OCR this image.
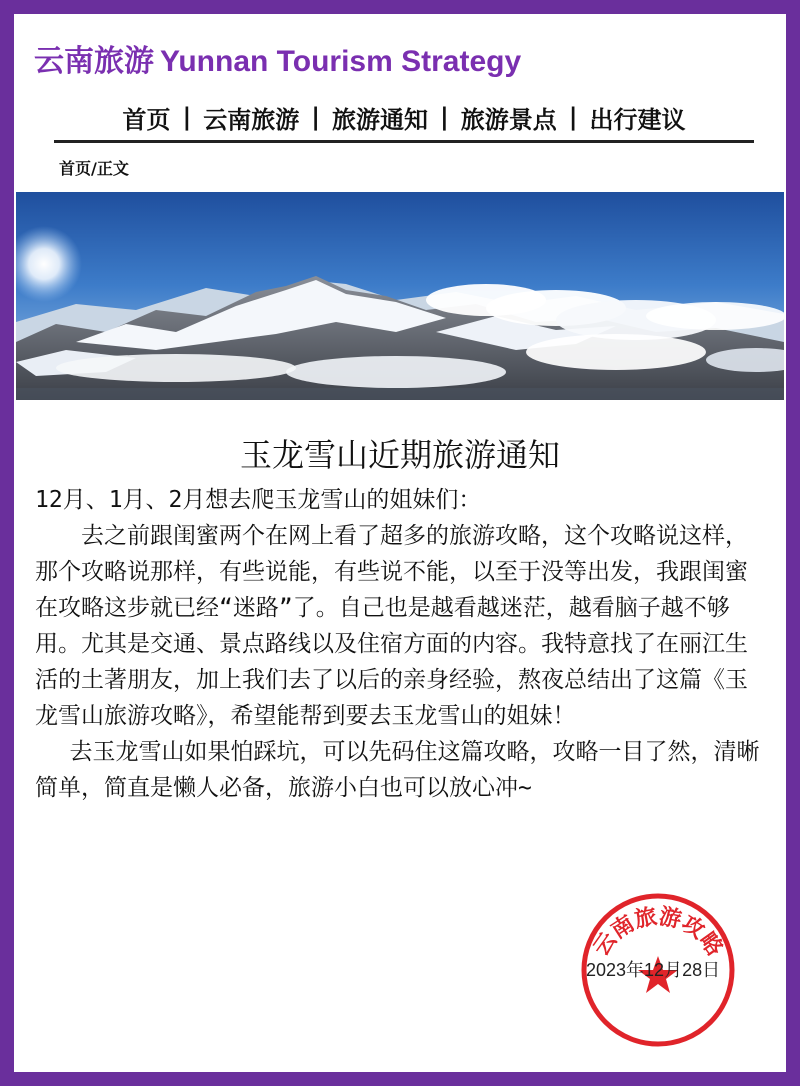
云南旅游 Yunnan Tourism Strategy
首页 | 云南旅游 | 旅游通知 | 旅游景点 | 出行建议
首页/正文
玉龙雪山近期旅游通知

12月、1月、2月想去爬玉龙雪山的姐妹们：

去之前跟闺蜜两个在网上看了超多的旅游攻略，这个攻略说这样，那个攻略说那样，有些说能，有些说不能，以至于没等出发，我跟闺蜜在攻略这步就已经“迷路”了。自己也是越看越迷茫，越看脑子越不够用。尤其是交通、景点路线以及住宿方面的内容。我特意找了在丽江生活的土著朋友，加上我们去了以后的亲身经验，熬夜总结出了这篇《玉龙雪山旅游攻略》，希望能帮到要去玉龙雪山的姐妹！

去玉龙雪山如果怕踩坑，可以先码住这篇攻略，攻略一目了然，清晰简单，简直是懒人必备，旅游小白也可以放心冲~

云南旅游攻略
2023年12月28日
